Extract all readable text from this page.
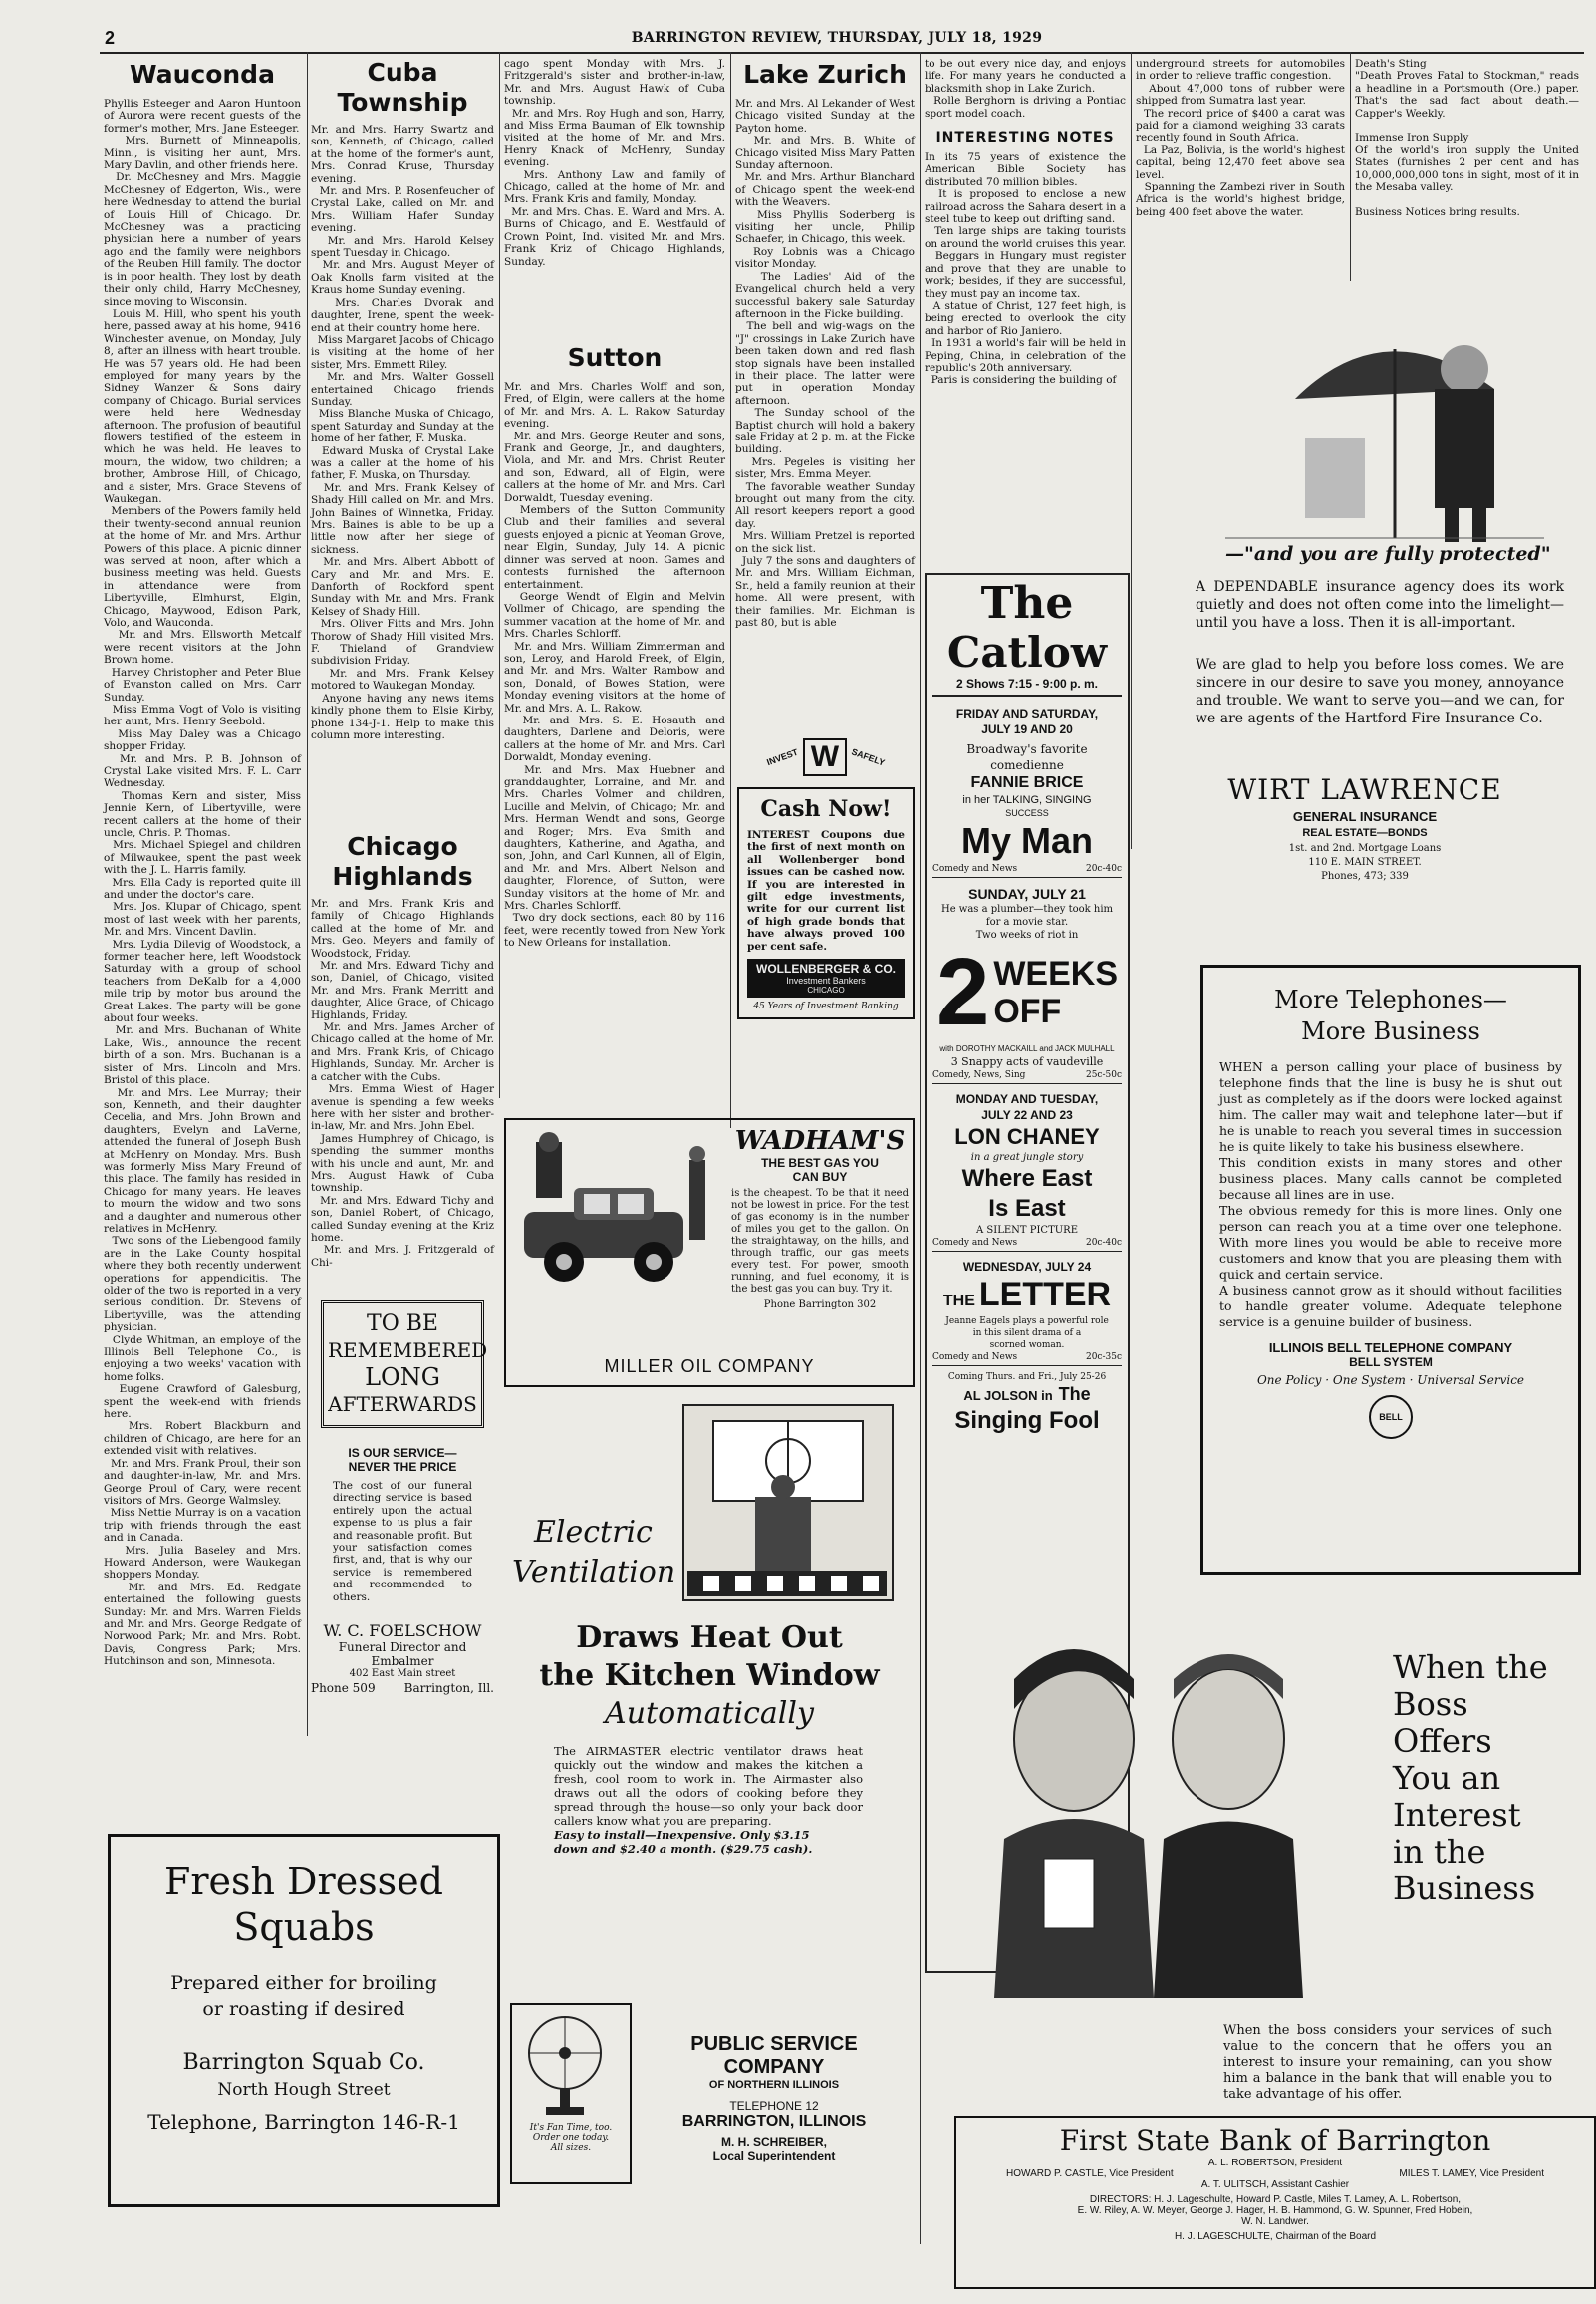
2	BARRINGTON REVIEW, THURSDAY, JULY 18, 1929
Wauconda

Phyllis Esteeger and Aaron Huntoon of Aurora were recent guests of the former's mother, Mrs. Jane Esteeger.
Mrs. Burnett of Minneapolis, Minn., is visiting her aunt, Mrs. Mary Davlin, and other friends here.
Dr. McChesney and Mrs. Maggie McChesney of Edgerton, Wis., were here Wednesday to attend the burial of Louis Hill of Chicago. Dr. McChesney was a practicing physician here a number of years ago and the family were neighbors of the Reuben Hill family. The doctor is in poor health. They lost by death their only child, Harry McChesney, since moving to Wisconsin.
Louis M. Hill, who spent his youth here, passed away at his home, 9416 Winchester avenue, on Monday, July 8, after an illness with heart trouble. He was 57 years old. He had been employed for many years by the Sidney Wanzer & Sons dairy company of Chicago. Burial services were held here Wednesday afternoon. The profusion of beautiful flowers testified of the esteem in which he was held. He leaves to mourn, the widow, two children; a brother, Ambrose Hill, of Chicago, and a sister, Mrs. Grace Stevens of Waukegan.
Members of the Powers family held their twenty-second annual reunion at the home of Mr. and Mrs. Arthur Powers of this place. A picnic dinner was served at noon, after which a business meeting was held. Guests in attendance were from Libertyville, Elmhurst, Elgin, Chicago, Maywood, Edison Park, Volo, and Wauconda.
Mr. and Mrs. Ellsworth Metcalf were recent visitors at the John Brown home.
Harvey Christopher and Peter Blue of Evanston called on Mrs. Carr Sunday.
Miss Emma Vogt of Volo is visiting her aunt, Mrs. Henry Seebold.
Miss May Daley was a Chicago shopper Friday.
Mr. and Mrs. P. B. Johnson of Crystal Lake visited Mrs. F. L. Carr Wednesday.
Thomas Kern and sister, Miss Jennie Kern, of Libertyville, were recent callers at the home of their uncle, Chris. P. Thomas.
Mrs. Michael Spiegel and children of Milwaukee, spent the past week with the J. L. Harris family.
Mrs. Ella Cady is reported quite ill and under the doctor's care.
Mrs. Jos. Klupar of Chicago, spent most of last week with her parents, Mr. and Mrs. Vincent Davlin.
Mrs. Lydia Dilevig of Woodstock, a former teacher here, left Woodstock Saturday with a group of school teachers from DeKalb for a 4,000 mile trip by motor bus around the Great Lakes. The party will be gone about four weeks.
Mr. and Mrs. Buchanan of White Lake, Wis., announce the recent birth of a son. Mrs. Buchanan is a sister of Mrs. Lincoln and Mrs. Bristol of this place.
Mr. and Mrs. Lee Murray; their son, Kenneth, and their daughter Cecelia, and Mrs. John Brown and daughters, Evelyn and LaVerne, attended the funeral of Joseph Bush at McHenry on Monday. Mrs. Bush was formerly Miss Mary Freund of this place. The family has resided in Chicago for many years. He leaves to mourn the widow and two sons and a daughter and numerous other relatives in McHenry.
Two sons of the Liebengood family are in the Lake County hospital where they both recently underwent operations for appendicitis. The older of the two is reported in a very serious condition. Dr. Stevens of Libertyville, was the attending physician.
Clyde Whitman, an employe of the Illinois Bell Telephone Co., is enjoying a two weeks' vacation with home folks.
Eugene Crawford of Galesburg, spent the week-end with friends here.
Mrs. Robert Blackburn and children of Chicago, are here for an extended visit with relatives.
Mr. and Mrs. Frank Proul, their son and daughter-in-law, Mr. and Mrs. George Proul of Cary, were recent visitors of Mrs. George Walmsley.
Miss Nettie Murray is on a vacation trip with friends through the east and in Canada.
Mrs. Julia Baseley and Mrs. Howard Anderson, were Waukegan shoppers Monday.
Mr. and Mrs. Ed. Redgate entertained the following guests Sunday: Mr. and Mrs. Warren Fields and Mr. and Mrs. George Redgate of Norwood Park; Mr. and Mrs. Robt. Davis, Congress Park; Mrs. Hutchinson and son, Minnesota.

Fresh Dressed
Squabs
Prepared either for broiling
or roasting if desired
Barrington Squab Co.
North Hough Street
Telephone, Barrington 146-R-1
Cuba
Township

Mr. and Mrs. Harry Swartz and son, Kenneth, of Chicago, called at the home of the former's aunt, Mrs. Conrad Kruse, Thursday evening.
Mr. and Mrs. P. Rosenfeucher of Crystal Lake, called on Mr. and Mrs. William Hafer Sunday evening.
Mr. and Mrs. Harold Kelsey spent Tuesday in Chicago.
Mr. and Mrs. August Meyer of Oak Knolls farm visited at the Kraus home Sunday evening.
Mrs. Charles Dvorak and daughter, Irene, spent the week-end at their country home here.
Miss Margaret Jacobs of Chicago is visiting at the home of her sister, Mrs. Emmett Riley.
Mr. and Mrs. Walter Gossell entertained Chicago friends Sunday.
Miss Blanche Muska of Chicago, spent Saturday and Sunday at the home of her father, F. Muska.
Edward Muska of Crystal Lake was a caller at the home of his father, F. Muska, on Thursday.
Mr. and Mrs. Frank Kelsey of Shady Hill called on Mr. and Mrs. John Baines of Winnetka, Friday. Mrs. Baines is able to be up a little now after her siege of sickness.
Mr. and Mrs. Albert Abbott of Cary and Mr. and Mrs. E. Danforth of Rockford spent Sunday with Mr. and Mrs. Frank Kelsey of Shady Hill.
Mrs. Oliver Fitts and Mrs. John Thorow of Shady Hill visited Mrs. F. Thieland of Grandview subdivision Friday.
Mr. and Mrs. Frank Kelsey motored to Waukegan Monday.
Anyone having any news items kindly phone them to Elsie Kirby, phone 134-J-1. Help to make this column more interesting.

Chicago
Highlands

Mr. and Mrs. Frank Kris and family of Chicago Highlands called at the home of Mr. and Mrs. Geo. Meyers and family of Woodstock, Friday.
Mr. and Mrs. Edward Tichy and son, Daniel, of Chicago, visited Mr. and Mrs. Frank Merritt and daughter, Alice Grace, of Chicago Highlands, Friday.
Mr. and Mrs. James Archer of Chicago called at the home of Mr. and Mrs. Frank Kris, of Chicago Highlands, Sunday. Mr. Archer is a catcher with the Cubs.
Mrs. Emma Wiest of Hager avenue is spending a few weeks here with her sister and brother-in-law, Mr. and Mrs. John Ebel.
James Humphrey of Chicago, is spending the summer months with his uncle and aunt, Mr. and Mrs. August Hawk of Cuba township.
Mr. and Mrs. Edward Tichy and son, Daniel Robert, of Chicago, called Sunday evening at the Kriz home.
Mr. and Mrs. J. Fritzgerald of Chi-

TO BE
REMEMBERED
LONG
AFTERWARDS
IS OUR SERVICE—
NEVER THE PRICE

The cost of our funeral directing service is based entirely upon the actual expense to us plus a fair and reasonable profit. But your satisfaction comes first, and, that is why our service is remembered and recommended to others.

W. C. FOELSCHOW
Funeral Director and
Embalmer
402 East Main street
Phone 509 Barrington, Ill.

cago spent Monday with Mrs. J. Fritzgerald's sister and brother-in-law, Mr. and Mrs. August Hawk of Cuba township.
Mr. and Mrs. Roy Hugh and son, Harry, and Miss Erma Bauman of Elk township visited at the home of Mr. and Mrs. Henry Knack of McHenry, Sunday evening.
Mrs. Anthony Law and family of Chicago, called at the home of Mr. and Mrs. Frank Kris and family, Monday.
Mr. and Mrs. Chas. E. Ward and Mrs. A. Burns of Chicago, and E. Westfauld of Crown Point, Ind. visited Mr. and Mrs. Frank Kriz of Chicago Highlands, Sunday.

Sutton

Mr. and Mrs. Charles Wolff and son, Fred, of Elgin, were callers at the home of Mr. and Mrs. A. L. Rakow Saturday evening.
Mr. and Mrs. George Reuter and sons, Frank and George, Jr., and daughters, Viola, and Mr. and Mrs. Christ Reuter and son, Edward, all of Elgin, were callers at the home of Mr. and Mrs. Carl Dorwaldt, Tuesday evening.
Members of the Sutton Community Club and their families and several guests enjoyed a picnic at Yeoman Grove, near Elgin, Sunday, July 14. A picnic dinner was served at noon. Games and contests furnished the afternoon entertainment.
George Wendt of Elgin and Melvin Vollmer of Chicago, are spending the summer vacation at the home of Mr. and Mrs. Charles Schlorff.
Mr. and Mrs. William Zimmerman and son, Leroy, and Harold Freek, of Elgin, and Mr. and Mrs. Walter Rambow and son, Donald, of Bowes Station, were Monday evening visitors at the home of Mr. and Mrs. A. L. Rakow.
Mr. and Mrs. S. E. Hosauth and daughters, Darlene and Deloris, were callers at the home of Mr. and Mrs. Carl Dorwaldt, Monday evening.
Mr. and Mrs. Max Huebner and granddaughter, Lorraine, and Mr. and Mrs. Charles Volmer and children, Lucille and Melvin, of Chicago; Mr. and Mrs. Herman Wendt and sons, George and Roger; Mrs. Eva Smith and daughters, Katherine, and Agatha, and son, John, and Carl Kunnen, all of Elgin, and Mr. and Mrs. Albert Nelson and daughter, Florence, of Sutton, were Sunday visitors at the home of Mr. and Mrs. Charles Schlorff.
Two dry dock sections, each 80 by 116 feet, were recently towed from New York to New Orleans for installation.

Lake Zurich

Mr. and Mrs. Al Lekander of West Chicago visited Sunday at the Payton home.
Mr. and Mrs. B. White of Chicago visited Miss Mary Patten Sunday afternoon.
Mr. and Mrs. Arthur Blanchard of Chicago spent the week-end with the Weavers.
Miss Phyllis Soderberg is visiting her uncle, Philip Schaefer, in Chicago, this week.
Roy Lobnis was a Chicago visitor Monday.
The Ladies' Aid of the Evangelical church held a very successful bakery sale Saturday afternoon in the Ficke building.
The bell and wig-wags on the "J" crossings in Lake Zurich have been taken down and red flash stop signals have been installed in their place. The latter were put in operation Monday afternoon.
The Sunday school of the Baptist church will hold a bakery sale Friday at 2 p. m. at the Ficke building.
Mrs. Pegeles is visiting her sister, Mrs. Emma Meyer.
The favorable weather Sunday brought out many from the city. All resort keepers report a good day.
Mrs. William Pretzel is reported on the sick list.
July 7 the sons and daughters of Mr. and Mrs. William Eichman, Sr., held a family reunion at their home. All were present, with their families. Mr. Eichman is past 80, but is able

INVEST W	SAFELY
Cash Now!

INTEREST Coupons due the first of next month on all Wollenberger bond issues can be cashed now. If you are interested in gilt edge investments, write for our current list of high grade bonds that have always proved 100 per cent safe.

WOLLENBERGER & CO.
Investment Bankers
CHICAGO
45 Years of Investment Banking
WADHAM'S
THE BEST GAS YOU
CAN BUY

is the cheapest. To be that it need not be lowest in price. For the test of gas economy is in the number of miles you get to the gallon. On the straightaway, on the hills, and through traffic, our gas meets every test. For power, smooth running, and fuel economy, it is the best gas you can buy. Try it.

Phone Barrington 302
MILLER OIL COMPANY
Electric
Ventilation
Draws Heat Out
the Kitchen Window
Automatically

The AIRMASTER electric ventilator draws heat quickly out the window and makes the kitchen a fresh, cool room to work in. The Airmaster also draws out all the odors of cooking before they spread through the house—so only your back door callers know what you are preparing.

Easy to install—Inexpensive. Only $3.15
down and $2.40 a month. ($29.75 cash).
It's Fan Time, too.
Order one today.
All sizes.
PUBLIC SERVICE
COMPANY
OF NORTHERN ILLINOIS
TELEPHONE 12
BARRINGTON, ILLINOIS
M. H. SCHREIBER,
Local Superintendent

to be out every nice day, and enjoys life. For many years he conducted a blacksmith shop in Lake Zurich.
Rolle Berghorn is driving a Pontiac sport model coach.

INTERESTING NOTES

In its 75 years of existence the American Bible Society has distributed 70 million bibles.
It is proposed to enclose a new railroad across the Sahara desert in a steel tube to keep out drifting sand.
Ten large ships are taking tourists on around the world cruises this year.
Beggars in Hungary must register and prove that they are unable to work; besides, if they are successful, they must pay an income tax.
A statue of Christ, 127 feet high, is being erected to overlook the city and harbor of Rio Janiero.
In 1931 a world's fair will be held in Peping, China, in celebration of the republic's 20th anniversary.
Paris is considering the building of

The
Catlow
2 Shows 7:15 - 9:00 p. m.
FRIDAY AND SATURDAY,
JULY 19 AND 20
Broadway's favorite
comedienne
FANNIE BRICE
in her TALKING, SINGING
SUCCESS
My Man
Comedy and News	20c-40c
SUNDAY, JULY 21
He was a plumber—they took him
for a movie star.
Two weeks of riot in
2 WEEKS
OFF
with DOROTHY MACKAILL and JACK MULHALL
3 Snappy acts of vaudeville
Comedy, News, Sing	25c-50c
MONDAY AND TUESDAY,
JULY 22 AND 23
LON CHANEY
in a great jungle story
Where East
Is East
A SILENT PICTURE
Comedy and News	20c-40c
WEDNESDAY, JULY 24
THE LETTER
Jeanne Eagels plays a powerful role
in this silent drama of a
scorned woman.
Comedy and News	20c-35c
Coming Thurs. and Fri., July 25-26
AL JOLSON in The
Singing Fool

underground streets for automobiles in order to relieve traffic congestion.
About 47,000 tons of rubber were shipped from Sumatra last year.
The record price of $400 a carat was paid for a diamond weighing 33 carats recently found in South Africa.
La Paz, Bolivia, is the world's highest capital, being 12,470 feet above sea level.
Spanning the Zambezi river in South Africa is the world's highest bridge, being 400 feet above the water.

Death's Sting
"Death Proves Fatal to Stockman," reads a headline in a Portsmouth (Ore.) paper. That's the sad fact about death.—Capper's Weekly.

Immense Iron Supply
Of the world's iron supply the United States (furnishes 2 per cent and has 10,000,000,000 tons in sight, most of it in the Mesaba valley.

Business Notices bring results.

—"and you are fully protected"

A DEPENDABLE insurance agency does its work quietly and does not often come into the limelight—until you have a loss. Then it is all-important.

We are glad to help you before loss comes. We are sincere in our desire to save you money, annoyance and trouble. We want to serve you—and we can, for we are agents of the Hartford Fire Insurance Co.

WIRT LAWRENCE
GENERAL INSURANCE
REAL ESTATE—BONDS
1st. and 2nd. Mortgage Loans
110 E. MAIN STREET.
Phones, 473; 339
More Telephones—
More Business

WHEN a person calling your place of business by telephone finds that the line is busy he is shut out just as completely as if the doors were locked against him. The caller may wait and telephone later—but if he is unable to reach you several times in succession he is quite likely to take his business elsewhere.

This condition exists in many stores and other business places. Many calls cannot be completed because all lines are in use.

The obvious remedy for this is more lines. Only one person can reach you at a time over one telephone. With more lines you would be able to receive more customers and know that you are pleasing them with quick and certain service.

A business cannot grow as it should without facilities to handle greater volume. Adequate telephone service is a genuine builder of business.

ILLINOIS BELL TELEPHONE COMPANY
BELL SYSTEM
One Policy · One System · Universal Service
BELL
When the
Boss
Offers
You an
Interest
in the
Business

When the boss considers your services of such value to the concern that he offers you an interest to insure your remaining, can you show him a balance in the bank that will enable you to take advantage of his offer.

First State Bank of Barrington
A. L. ROBERTSON, President
HOWARD P. CASTLE, Vice President	MILES T. LAMEY, Vice President
A. T. ULITSCH, Assistant Cashier
DIRECTORS: H. J. Lageschulte, Howard P. Castle, Miles T. Lamey, A. L. Robertson,
E. W. Riley, A. W. Meyer, George J. Hager, H. B. Hammond, G. W. Spunner, Fred Hobein,
W. N. Landwer.
H. J. LAGESCHULTE, Chairman of the Board
